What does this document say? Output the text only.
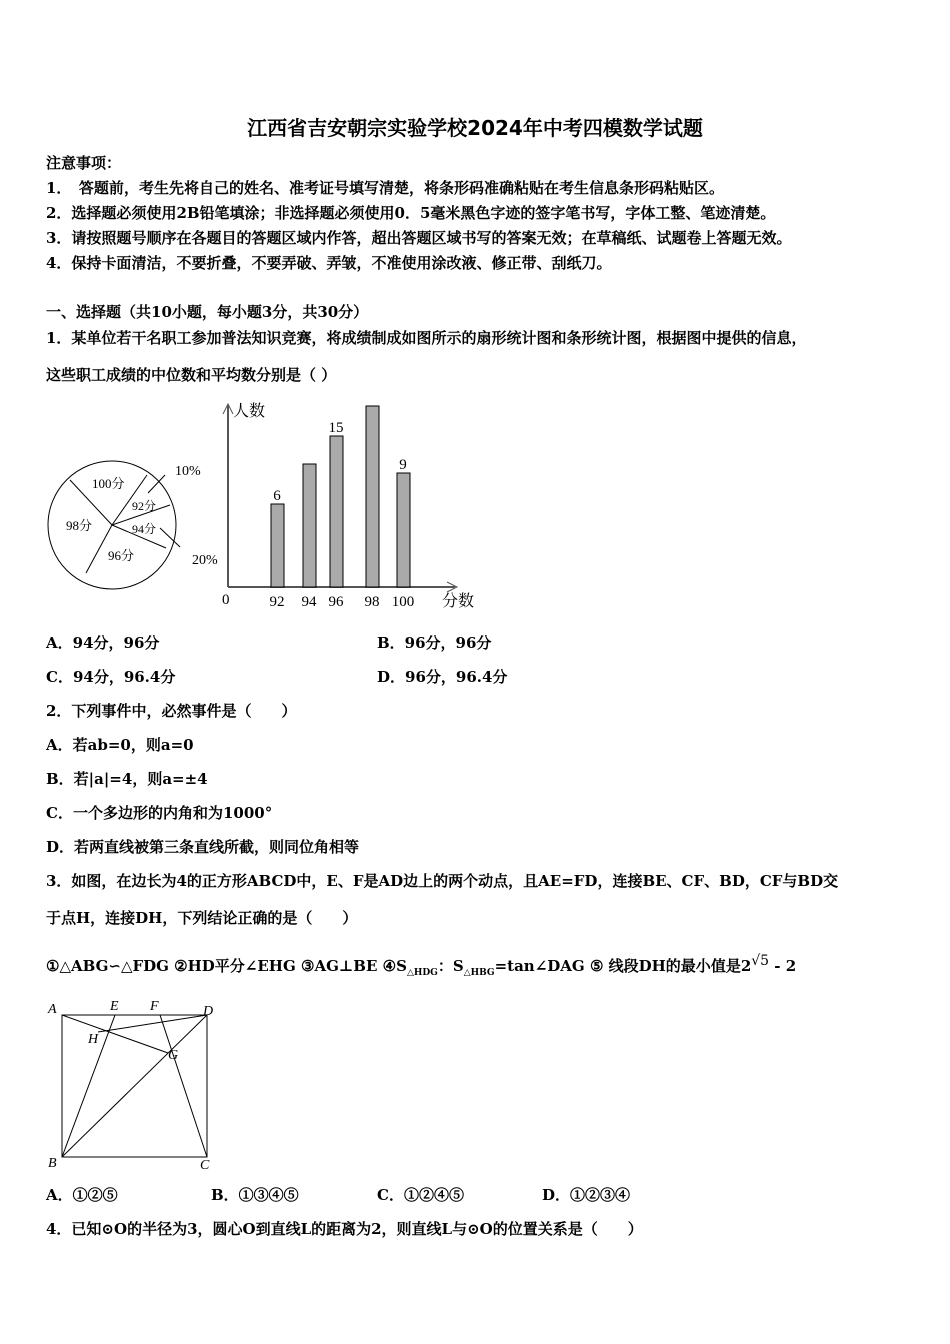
江西省吉安朝宗实验学校2024年中考四模数学试题
注意事项：
1．　答题前，考生先将自己的姓名、准考证号填写清楚，将条形码准确粘贴在考生信息条形码粘贴区。
2．选择题必须使用2B铅笔填涂；非选择题必须使用0．5毫米黑色字迹的签字笔书写，字体工整、笔迹清楚。
3．请按照题号顺序在各题目的答题区域内作答，超出答题区域书写的答案无效；在草稿纸、试题卷上答题无效。
4．保持卡面清洁，不要折叠，不要弄破、弄皱，不准使用涂改液、修正带、刮纸刀。
一、选择题（共10小题，每小题3分，共30分）
1．某单位若干名职工参加普法知识竞赛，将成绩制成如图所示的扇形统计图和条形统计图，根据图中提供的信息，
这些职工成绩的中位数和平均数分别是（ ）
100分
92分
94分
98分
96分
10%
20%
人数
分数
0	92
6
94 96
15
98 100
9
A．94分，96分	B．96分，96分
C．94分，96.4分	D．96分，96.4分
2．下列事件中，必然事件是（　　）
A．若ab=0，则a=0
B．若|a|=4，则a=±4
C．一个多边形的内角和为1000°
D．若两直线被第三条直线所截，则同位角相等
3．如图，在边长为4的正方形ABCD中，E、F是AD边上的两个动点，且AE=FD，连接BE、CF、BD，CF与BD交
于点H，连接DH，下列结论正确的是（　　）
①△ABG∽△FDG ②HD平分∠EHG ③AG⊥BE $④S_{\triangle HDG}$：$S_{\triangle HBG}=\tan\angle DAG$ ⑤ 线段DH的最小值是$2^{√5} - 2$
A	E F	D
H
G
B	C
A．①②⑤	B．①③④⑤	C．①②④⑤	D．①②③④
4．已知⊙O的半径为3，圆心O到直线L的距离为2，则直线L与⊙O的位置关系是（　　）
